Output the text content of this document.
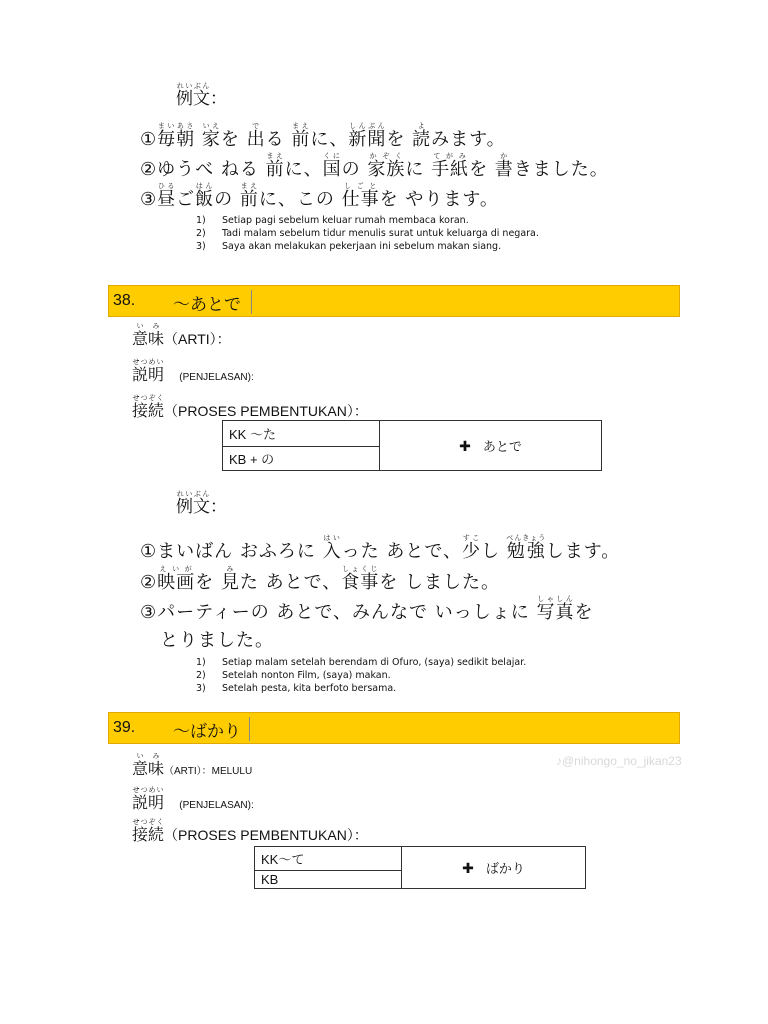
例文れいぶん：
①毎朝まいあさ 家いえを 出でる 前まえに、新聞しんぶんを 読よみます。
②ゆうべ ねる 前まえに、国くにの 家族かぞくに 手紙てがみを 書かきました。
③昼ひるご飯はんの 前まえに、この 仕事しごとを やります。
1) Setiap pagi sebelum keluar rumah membaca koran.
2) Tadi malam sebelum tidur menulis surat untuk keluarga di negara.
3) Saya akan melakukan pekerjaan ini sebelum makan siang.
38. ～あとで
意味いみ（ARTI）：
説明せつめい   (PENJELASAN):
接続せつぞく（PROSES PEMBENTUKAN）：
KK ～た	✚ あとで
KB + の
例文れいぶん：
①まいばん おふろに 入はいった あとで、少すこし 勉強べんきょうします。
②映画えいがを 見みた あとで、食事しょくじを しました。
③パーティーの あとで、みんなで いっしょに 写真しゃしんを
とりました。
1) Setiap malam setelah berendam di Ofuro, (saya) sedikit belajar.
2) Setelah nonton Film, (saya) makan.
3) Setelah pesta, kita berfoto bersama.
39. ～ばかり
♪@nihongo_no_jikan23
意味いみ（ARTI）：MELULU
説明せつめい   (PENJELASAN):
接続せつぞく（PROSES PEMBENTUKAN）：
KK～て	✚ ばかり
KB
